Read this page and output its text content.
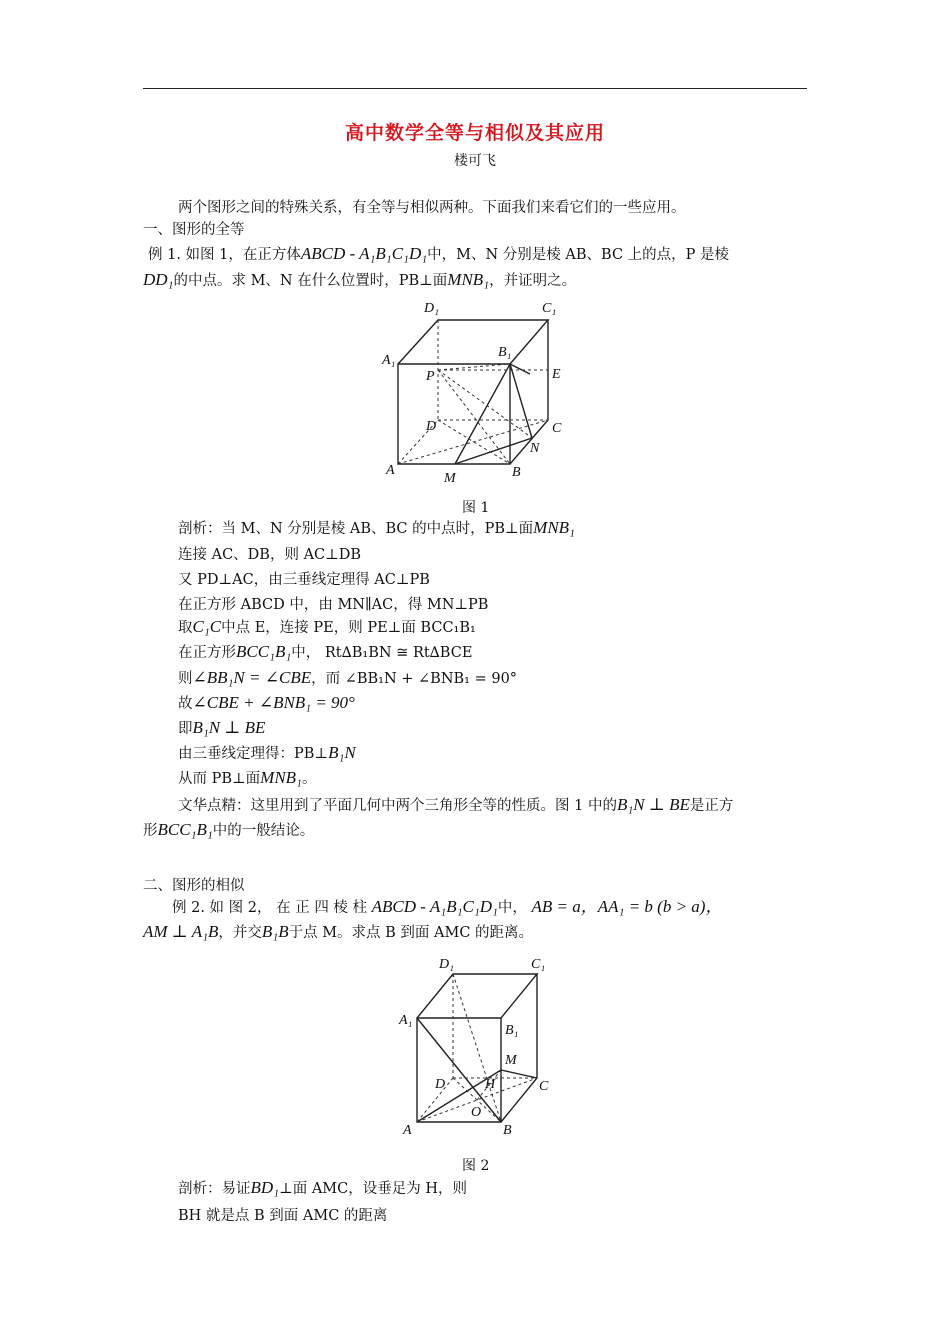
高中数学全等与相似及其应用
楼可飞
两个图形之间的特殊关系，有全等与相似两种。下面我们来看它们的一些应用。
一、图形的全等
例 1. 如图 1，在正方体ABCD - A₁B₁C₁D₁中，M、N 分别是棱 AB、BC 上的点，P 是棱
DD₁的中点。求 M、N 在什么位置时，PB⊥面MNB₁，并证明之。
D₁	C₁
A₁
B₁
P	E
D	C
N
A
M	B
图 1
剖析：当 M、N 分别是棱 AB、BC 的中点时，PB⊥面MNB₁
连接 AC、DB，则 AC⊥DB
又 PD⊥AC，由三垂线定理得 AC⊥PB
在正方形 ABCD 中，由 MN∥AC，得 MN⊥PB
取C₁C中点 E，连接 PE，则 PE⊥面 BCC₁B₁
在正方形BCC₁B₁中， Rt∆B₁BN ≅ Rt∆BCE
则∠BB₁N = ∠CBE，而 ∠BB₁N + ∠BNB₁ = 90°
故∠CBE + ∠BNB₁ = 90°
即B₁N ⊥ BE
由三垂线定理得：PB⊥B₁N
从而 PB⊥面MNB₁。
文华点精：这里用到了平面几何中两个三角形全等的性质。图 1 中的B₁N ⊥ BE是正方
形BCC₁B₁中的一般结论。
二、图形的相似
例 2. 如 图 2， 在 正 四 棱 柱 ABCD - A₁B₁C₁D₁中， AB = a，AA₁ = b (b > a)，
AM ⊥ A₁B，并交B₁B于点 M。求点 B 到面 AMC 的距离。
D₁	C₁
A₁
B₁
M
D	H	C
O
A	B
图 2
剖析：易证BD₁⊥面 AMC，设垂足为 H，则
BH 就是点 B 到面 AMC 的距离
